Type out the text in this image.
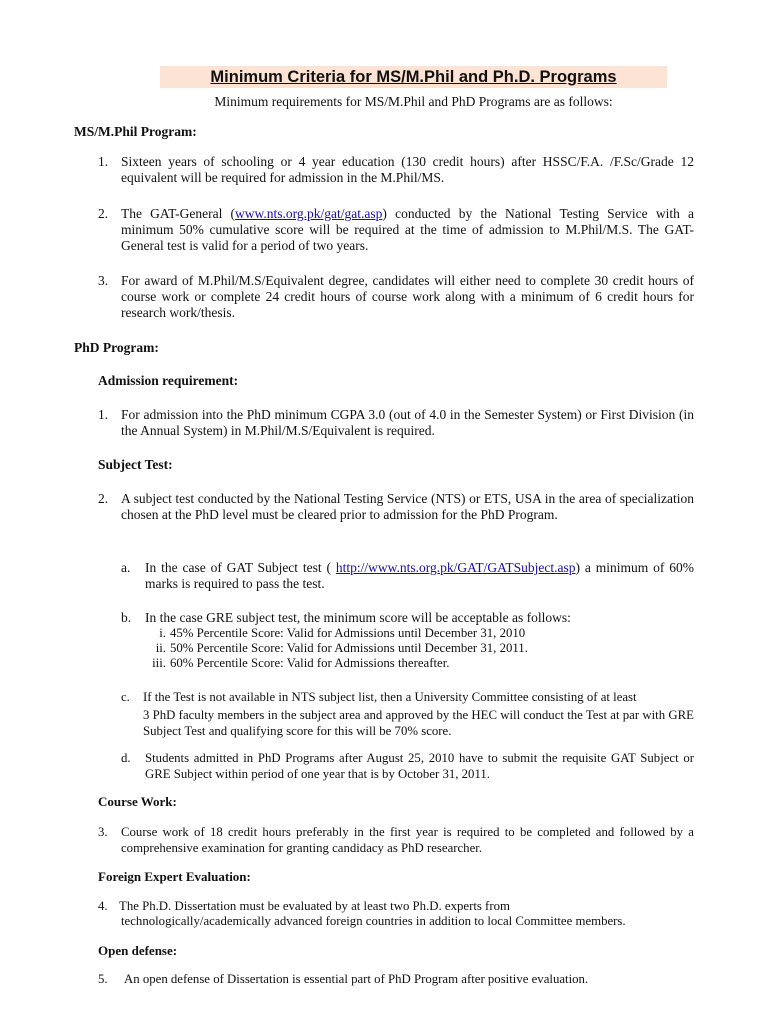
Minimum Criteria for MS/M.Phil and Ph.D. Programs
Minimum requirements for MS/M.Phil and PhD Programs are as follows:
MS/M.Phil Program:
1. Sixteen years of schooling or 4 year education (130 credit hours) after HSSC/F.A. /F.Sc/Grade 12 equivalent will be required for admission in the M.Phil/MS.
2. The GAT-General (www.nts.org.pk/gat/gat.asp) conducted by the National Testing Service with a minimum 50% cumulative score will be required at the time of admission to M.Phil/M.S. The GAT-General test is valid for a period of two years.
3. For award of M.Phil/M.S/Equivalent degree, candidates will either need to complete 30 credit hours of course work or complete 24 credit hours of course work along with a minimum of 6 credit hours for research work/thesis.
PhD Program:
Admission requirement:
1. For admission into the PhD minimum CGPA 3.0 (out of 4.0 in the Semester System) or First Division (in the Annual System) in M.Phil/M.S/Equivalent is required.
Subject Test:
2. A subject test conducted by the National Testing Service (NTS) or ETS, USA in the area of specialization chosen at the PhD level must be cleared prior to admission for the PhD Program.
a. In the case of GAT Subject test ( http://www.nts.org.pk/GAT/GATSubject.asp) a minimum of 60% marks is required to pass the test.
b. In the case GRE subject test, the minimum score will be acceptable as follows:
i. 45% Percentile Score: Valid for Admissions until December 31, 2010
ii. 50% Percentile Score: Valid for Admissions until December 31, 2011.
iii. 60% Percentile Score: Valid for Admissions thereafter.
c. If the Test is not available in NTS subject list, then a University Committee consisting of at least
3 PhD faculty members in the subject area and approved by the HEC will conduct the Test at par with GRE Subject Test and qualifying score for this will be 70% score.
d. Students admitted in PhD Programs after August 25, 2010 have to submit the requisite GAT Subject or GRE Subject within period of one year that is by October 31, 2011.
Course Work:
3. Course work of 18 credit hours preferably in the first year is required to be completed and followed by a comprehensive examination for granting candidacy as PhD researcher.
Foreign Expert Evaluation:
4. The Ph.D. Dissertation must be evaluated by at least two Ph.D. experts from
technologically/academically advanced foreign countries in addition to local Committee members.
Open defense:
5. An open defense of Dissertation is essential part of PhD Program after positive evaluation.
